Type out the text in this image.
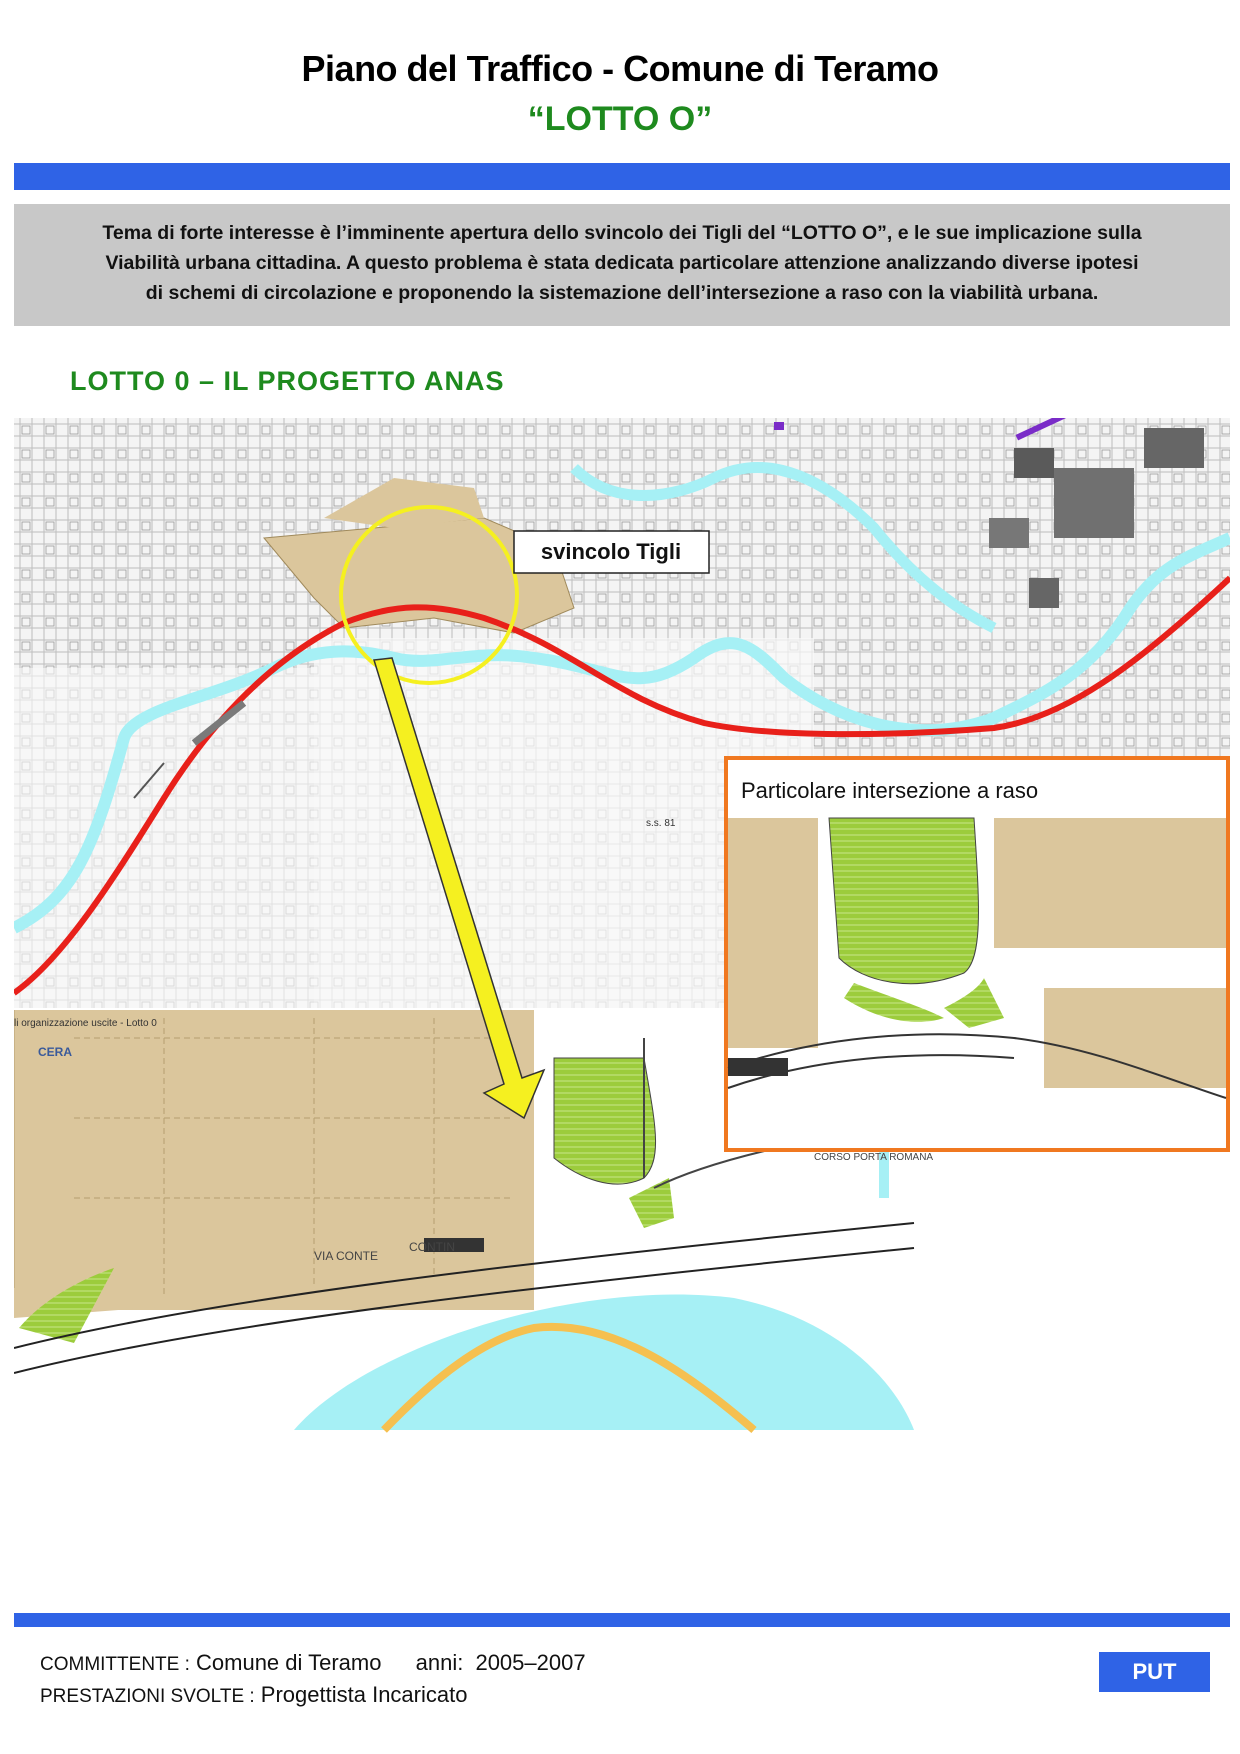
Piano del Traffico - Comune di Teramo
“LOTTO O”
Tema di forte interesse è l’imminente apertura dello svincolo dei Tigli del “LOTTO O”, e le sue implicazione sulla
Viabilità urbana cittadina. A questo problema è stata dedicata particolare attenzione analizzando diverse ipotesi
di schemi di circolazione e proponendo la sistemazione dell’intersezione a raso con la viabilità urbana.
LOTTO 0 – IL PROGETTO ANAS
svincolo Tigli
s.s. 81
li organizzazione uscite - Lotto 0
CERA
VIA CONTE
CONTIN
CORSO PORTA ROMANA
Particolare intersezione a raso
COMMITTENTE : Comune di Teramo anni: 2005–2007
PRESTAZIONI SVOLTE : Progettista Incaricato
PUT
